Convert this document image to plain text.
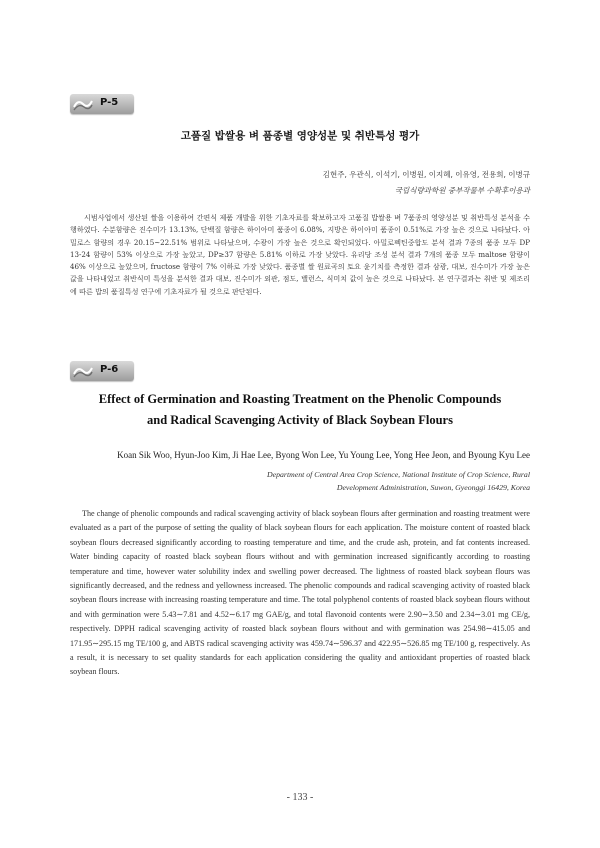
P-5
고품질 밥쌀용 벼 품종별 영양성분 및 취반특성 평가
김현주, 우관식, 이석기, 이병원, 이지혜, 이유영, 전용희, 이병규
국립식량과학원 중부작물부 수확후이용과

시범사업에서 생산된 쌀을 이용하여 간편식 제품 개발을 위한 기초자료를 확보하고자 고품질 밥쌀용 벼 7품종의 영양성분 및 취반특성 분석을 수행하였다. 수분함량은 진수미가 13.13%, 단백질 함량은 하이아미 품종이 6.08%, 지방은 하이아미 품종이 0.51%로 가장 높은 것으로 나타났다. 아밀로스 함량의 경우 20.15~22.51% 범위로 나타났으며, 수광이 가장 높은 것으로 확인되었다. 아밀로펙틴중합도 분석 결과 7종의 품종 모두 DP 13-24 함량이 53% 이상으로 가장 높았고, DP≥37 함량은 5.81% 이하로 가장 낮았다. 유리당 조성 분석 결과 7개의 품종 모두 maltose 함량이 46% 이상으로 높았으며, fructose 함량이 7% 이하로 가장 낮았다. 품종별 쌀 원료곡의 토요 윤기치를 측정한 결과 삼광, 대보, 진수미가 가장 높은 값을 나타내었고 취반식미 특성을 분석한 결과 대보, 진수미가 외관, 점도, 밸런스, 식미치 값이 높은 것으로 나타났다. 본 연구결과는 취반 및 제조리에 따른 밥의 품질특성 연구에 기초자료가 될 것으로 판단된다.

P-6
Effect of Germination and Roasting Treatment on the Phenolic Compounds
and Radical Scavenging Activity of Black Soybean Flours
Koan Sik Woo, Hyun-Joo Kim, Ji Hae Lee, Byong Won Lee, Yu Young Lee, Yong Hee Jeon, and Byoung Kyu Lee
Department of Central Area Crop Science, National Institute of Crop Science, Rural
Development Administration, Suwon, Gyeonggi 16429, Korea

The change of phenolic compounds and radical scavenging activity of black soybean flours after germination and roasting treatment were evaluated as a part of the purpose of setting the quality of black soybean flours for each application. The moisture content of roasted black soybean flours decreased significantly according to roasting temperature and time, and the crude ash, protein, and fat contents increased. Water binding capacity of roasted black soybean flours without and with germination increased significantly according to roasting temperature and time, however water solubility index and swelling power decreased. The lightness of roasted black soybean flours was significantly decreased, and the redness and yellowness increased. The phenolic compounds and radical scavenging activity of roasted black soybean flours increase with increasing roasting temperature and time. The total polyphenol contents of roasted black soybean flours without and with germination were 5.43∼7.81 and 4.52∼6.17 mg GAE/g, and total flavonoid contents were 2.90∼3.50 and 2.34∼3.01 mg CE/g, respectively. DPPH radical scavenging activity of roasted black soybean flours without and with germination was 254.98∼415.05 and 171.95∼295.15 mg TE/100 g, and ABTS radical scavenging activity was 459.74∼596.37 and 422.95∼526.85 mg TE/100 g, respectively. As a result, it is necessary to set quality standards for each application considering the quality and antioxidant properties of roasted black soybean flours.

- 133 -
